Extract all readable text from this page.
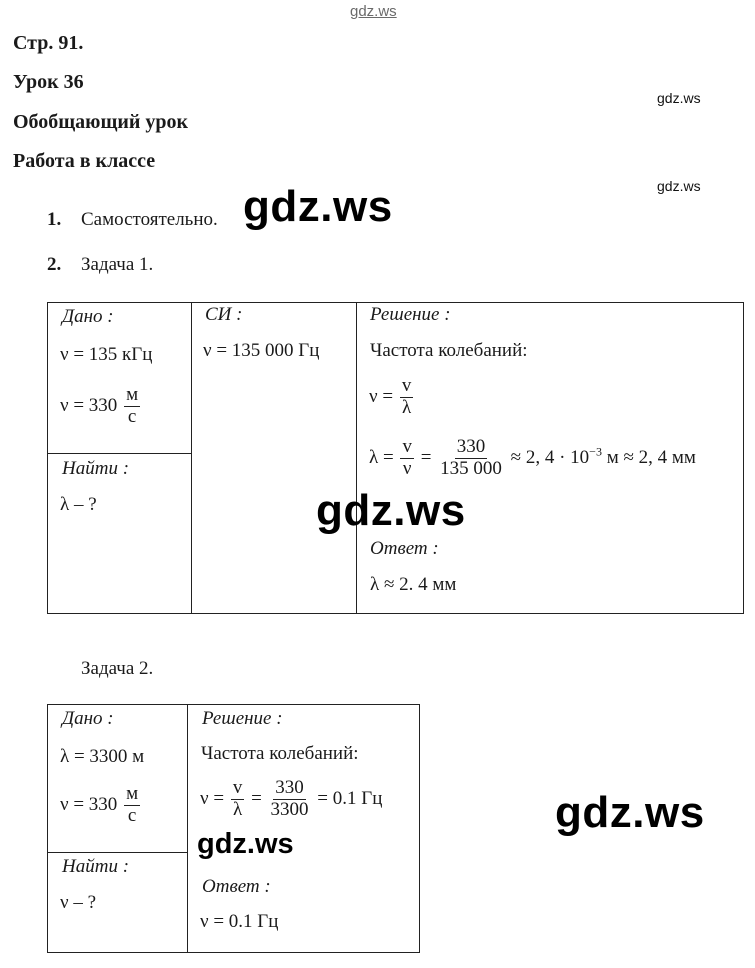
gdz.ws
gdz.ws
gdz.ws
Стр. 91.
Урок 36
Обобщающий урок
Работа в классе
1. Самостоятельно.
2. Задача 1.
gdz.ws
Дано :
ν = 135 кГц
$\nu = 330 \frac{м}{с}$
Найти :
λ – ?
СИ :
ν = 135 000 Гц
Решение :
Частота колебаний:
$\nu = \frac{v}{\lambda}$
$\lambda = \frac{v}{\nu} = \frac{330}{135 000} \approx 2$, $4 \cdot 10^{-3}$ м ≈ 2, 4 мм
Ответ :
λ ≈ 2. 4 мм
gdz.ws
Задача 2.
Дано :
λ = 3300 м
$\nu = 330 \frac{м}{с}$
Найти :
ν – ?
Решение :
Частота колебаний:
$\nu = \frac{v}{\lambda} = \frac{330}{3300} = 0.1$ Гц
Ответ :
ν = 0.1 Гц
gdz.ws
gdz.ws
